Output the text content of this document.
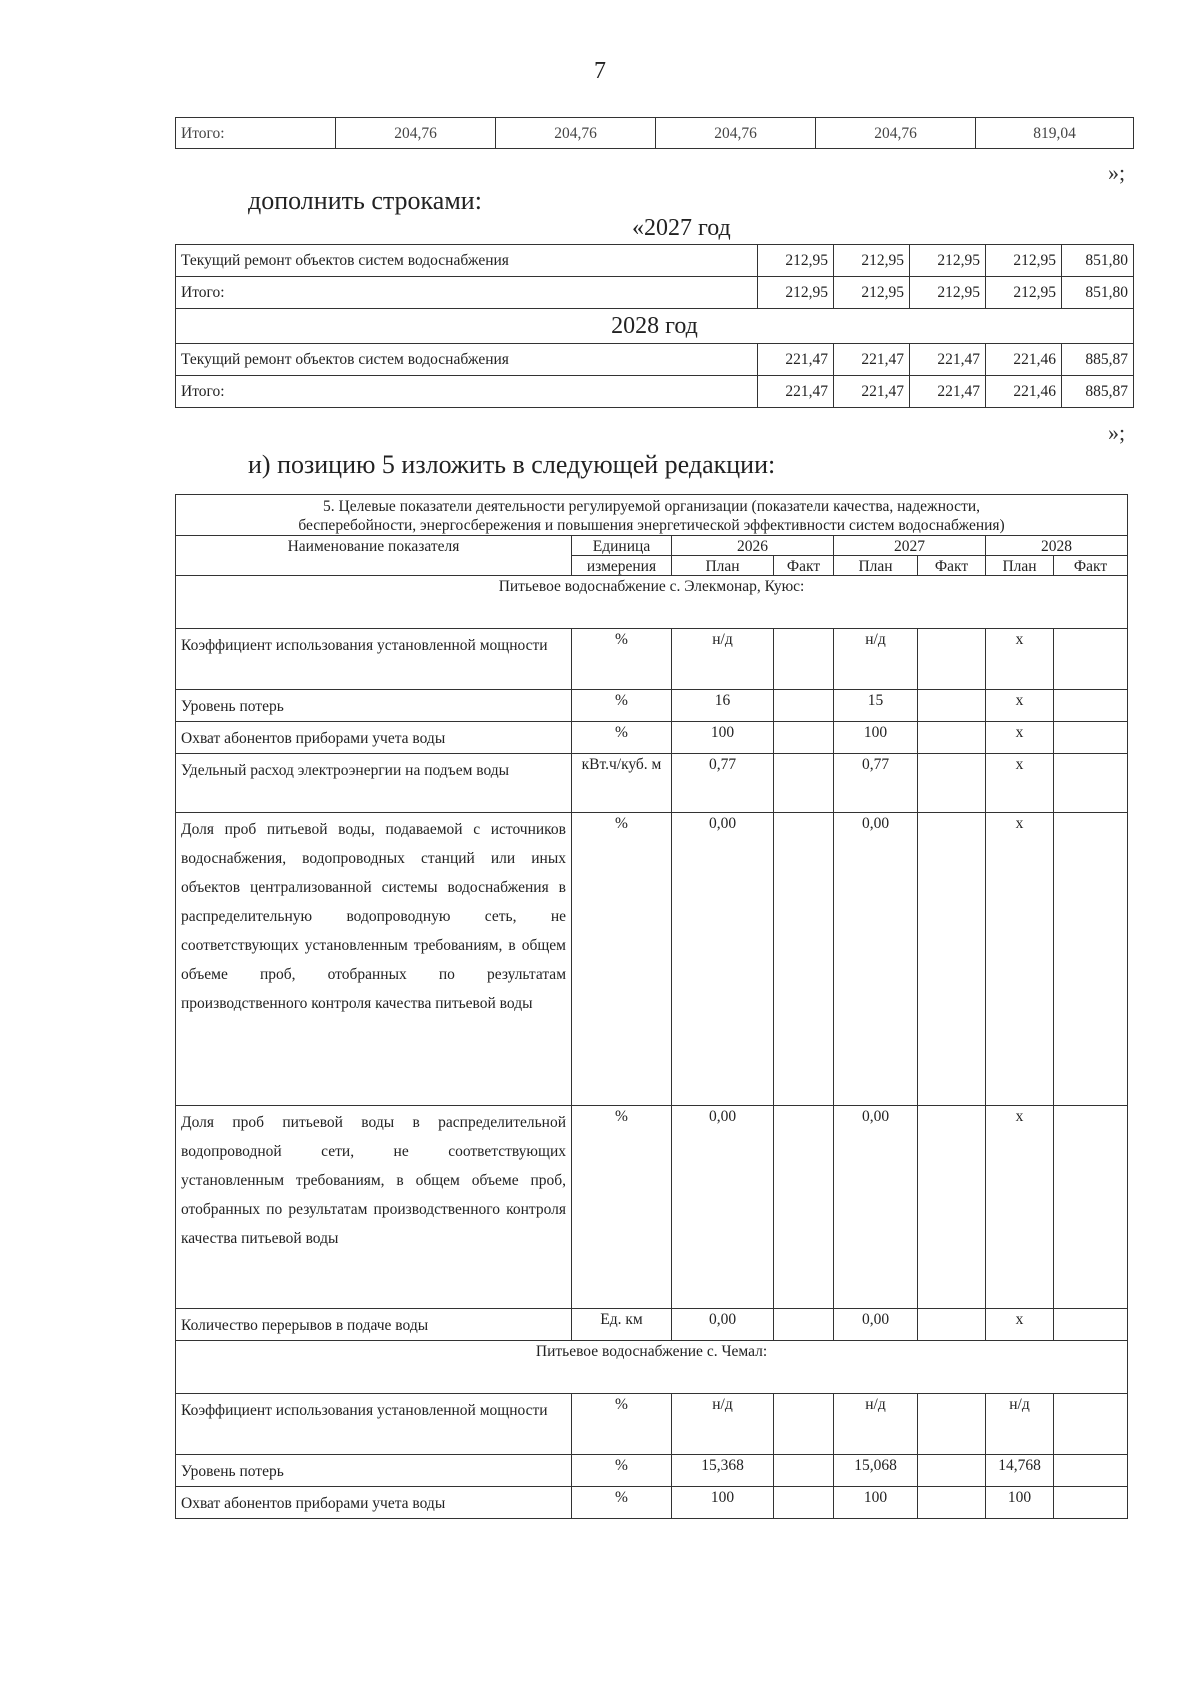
7
Итого:	204,76	204,76	204,76	204,76	819,04
»;
дополнить строками:
«2027 год
Текущий ремонт объектов систем водоснабжения	212,95	212,95	212,95	212,95	851,80
Итого:	212,95	212,95	212,95	212,95	851,80
2028 год					
Текущий ремонт объектов систем водоснабжения	221,47	221,47	221,47	221,46	885,87
Итого:	221,47	221,47	221,47	221,46	885,87
»;
и) позицию 5 изложить в следующей редакции:
5. Целевые показатели деятельности регулируемой организации (показатели качества, надежности,
бесперебойности, энергосбережения и повышения энергетической эффективности систем водоснабжения)							
Наименование показателя	Единица	2026		2027		2028	
	измерения	План	Факт	План	Факт	План	Факт
Питьевое водоснабжение с. Элекмонар, Куюс:							
Коэффициент использования установленной мощности	%	н/д		н/д		х	
Уровень потерь	%	16		15		х	
Охват абонентов приборами учета воды	%	100		100		х	
Удельный расход электроэнергии на подъем воды	кВт.ч/куб. м	0,77		0,77		х	
Доля проб питьевой воды, подаваемой с источников водоснабжения, водопроводных станций или иных объектов централизованной системы водоснабжения в распределительную водопроводную сеть, не соответствующих установленным требованиям, в общем объеме проб, отобранных по результатам производственного контроля качества питьевой воды	%	0,00		0,00		х	
Доля проб питьевой воды в распределительной водопроводной сети, не соответствующих установленным требованиям, в общем объеме проб, отобранных по результатам производственного контроля качества питьевой воды	%	0,00		0,00		х	
Количество перерывов в подаче воды	Ед. км	0,00		0,00		х	
Питьевое водоснабжение с. Чемал:							
Коэффициент использования установленной мощности	%	н/д		н/д		н/д	
Уровень потерь	%	15,368		15,068		14,768	
Охват абонентов приборами учета воды	%	100		100		100	
